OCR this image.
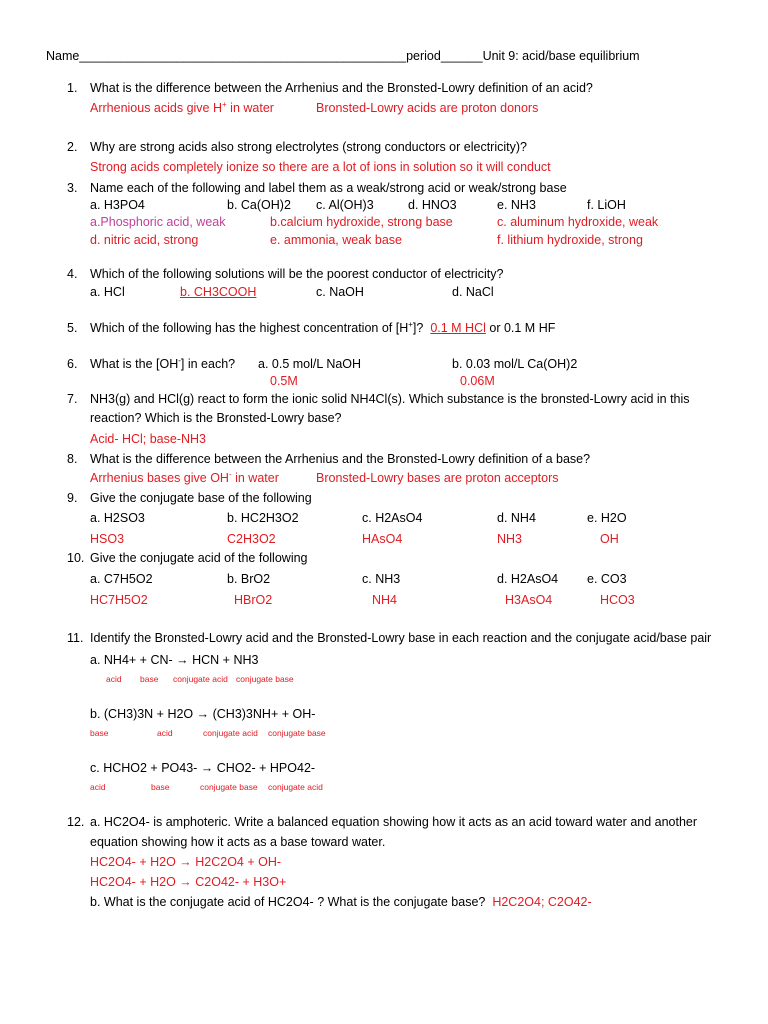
Name_______________________________________________period______Unit 9: acid/base equilibrium
1. What is the difference between the Arrhenius and the Bronsted-Lowry definition of an acid?
Arrhenious acids give H+ in water	Bronsted-Lowry acids are proton donors
2. Why are strong acids also strong electrolytes (strong conductors or electricity)?
Strong acids completely ionize so there are a lot of ions in solution so it will conduct
3. Name each of the following and label them as a weak/strong acid or weak/strong base
a. H3PO4	b. Ca(OH)2 c. Al(OH)3	d. HNO3	e. NH3	f. LiOH
a.Phosphoric acid, weak	b.calcium hydroxide, strong base	c. aluminum hydroxide, weak
d. nitric acid, strong	e. ammonia, weak base	f. lithium hydroxide, strong
4. Which of the following solutions will be the poorest conductor of electricity?
a. HCl	b. CH3COOH	c. NaOH	d. NaCl
5. Which of the following has the highest concentration of [H+]? 0.1 M HCl or 0.1 M HF
6. What is the [OH-] in each? a. 0.5 mol/L NaOH	b. 0.03 mol/L Ca(OH)2
0.5M	0.06M
7. NH3(g) and HCl(g) react to form the ionic solid NH4Cl(s). Which substance is the bronsted-Lowry acid in this
reaction? Which is the Bronsted-Lowry base?
Acid- HCl; base-NH3
8. What is the difference between the Arrhenius and the Bronsted-Lowry definition of a base?
Arrhenius bases give OH- in water	Bronsted-Lowry bases are proton acceptors
9. Give the conjugate base of the following
a. H2SO3	b. HC2H3O2	c. H2AsO4	d. NH4	e. H2O
HSO3	C2H3O2	HAsO4	NH3	OH
10. Give the conjugate acid of the following
a. C7H5O2	b. BrO2	c. NH3	d. H2AsO4 e. CO3
HC7H5O2	HBrO2	NH4	H3AsO4	HCO3
11. Identify the Bronsted-Lowry acid and the Bronsted-Lowry base in each reaction and the conjugate acid/base pair
a. NH4+ + CN- → HCN + NH3
acid base conjugate acid conjugate base
b. (CH3)3N + H2O → (CH3)3NH+ + OH-
base	acid	conjugate acid conjugate base
c. HCHO2 + PO43- → CHO2- + HPO42-
acid	base	conjugate base conjugate acid
12. a. HC2O4- is amphoteric. Write a balanced equation showing how it acts as an acid toward water and another
equation showing how it acts as a base toward water.
HC2O4- + H2O → H2C2O4 + OH-
HC2O4- + H2O → C2O42- + H3O+
b. What is the conjugate acid of HC2O4- ? What is the conjugate base? H2C2O4; C2O42-
